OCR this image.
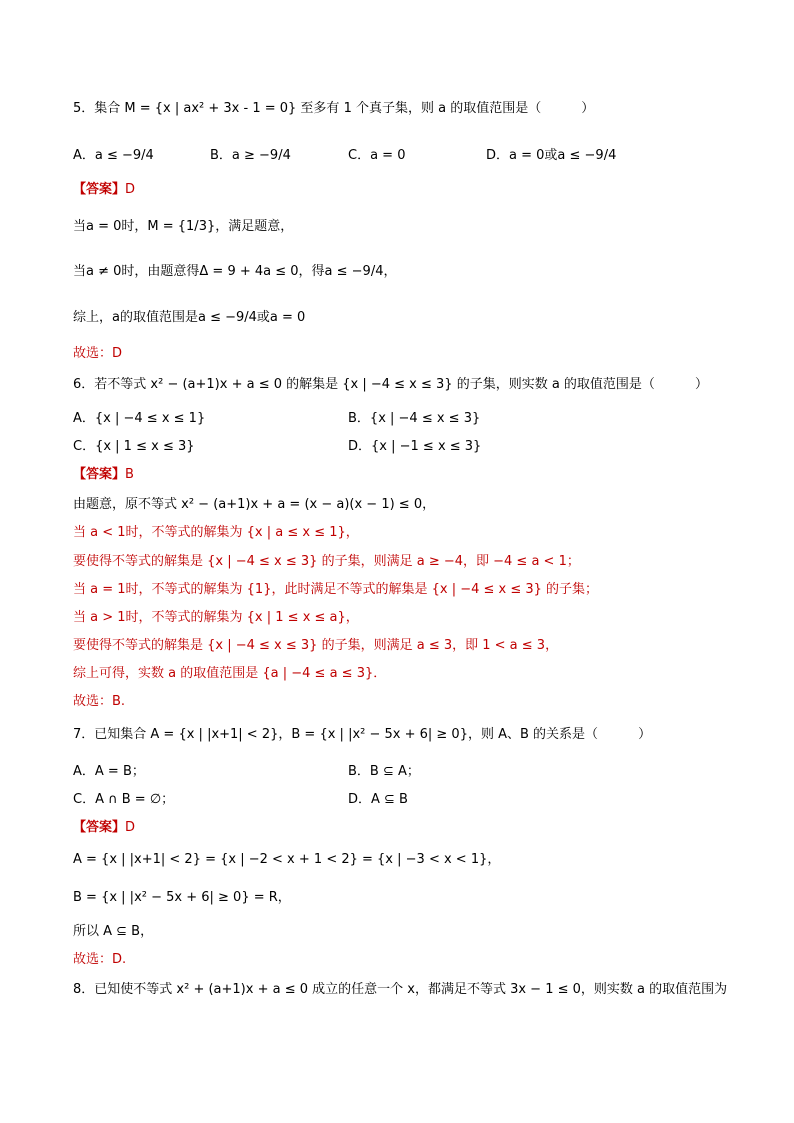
5．集合 M = {x | ax² + 3x - 1 = 0} 至多有 1 个真子集，则 a 的取值范围是（	）
A．a ≤ −9/4	B．a ≥ −9/4	C．a = 0	D．a = 0或a ≤ −9/4
【答案】D
当a = 0时，M = {1/3}，满足题意，
当a ≠ 0时，由题意得Δ = 9 + 4a ≤ 0，得a ≤ −9/4，
综上，a的取值范围是a ≤ −9/4或a = 0
故选：D
6．若不等式 x² − (a+1)x + a ≤ 0 的解集是 {x | −4 ≤ x ≤ 3} 的子集，则实数 a 的取值范围是（	）
A．{x | −4 ≤ x ≤ 1}	B．{x | −4 ≤ x ≤ 3}
C．{x | 1 ≤ x ≤ 3}	D．{x | −1 ≤ x ≤ 3}
【答案】B
由题意，原不等式 x² − (a+1)x + a = (x − a)(x − 1) ≤ 0，
当 a < 1时，不等式的解集为 {x | a ≤ x ≤ 1}，
要使得不等式的解集是 {x | −4 ≤ x ≤ 3} 的子集，则满足 a ≥ −4，即 −4 ≤ a < 1；
当 a = 1时，不等式的解集为 {1}，此时满足不等式的解集是 {x | −4 ≤ x ≤ 3} 的子集；
当 a > 1时，不等式的解集为 {x | 1 ≤ x ≤ a}，
要使得不等式的解集是 {x | −4 ≤ x ≤ 3} 的子集，则满足 a ≤ 3，即 1 < a ≤ 3，
综上可得，实数 a 的取值范围是 {a | −4 ≤ a ≤ 3}．
故选：B.
7．已知集合 A = {x | |x+1| < 2}，B = {x | |x² − 5x + 6| ≥ 0}，则 A、B 的关系是（	）
A．A = B；	B．B ⊆ A；
C．A ∩ B = ∅；	D．A ⊆ B
【答案】D
A = {x | |x+1| < 2} = {x | −2 < x + 1 < 2} = {x | −3 < x < 1}，
B = {x | |x² − 5x + 6| ≥ 0} = R，
所以 A ⊆ B，
故选：D.
8．已知使不等式 x² + (a+1)x + a ≤ 0 成立的任意一个 x，都满足不等式 3x − 1 ≤ 0，则实数 a 的取值范围为
